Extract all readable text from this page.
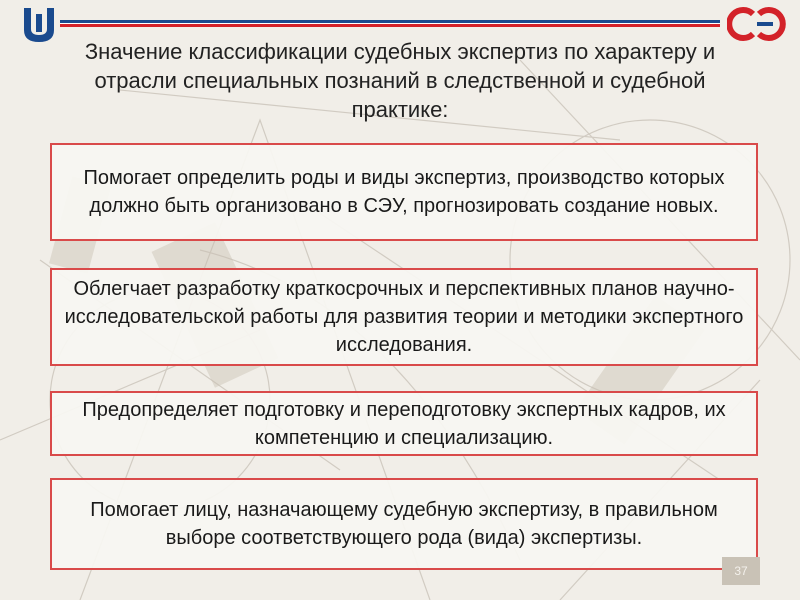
Значение классификации судебных экспертиз по характеру и отрасли специальных познаний в следственной и судебной практике:
Помогает определить роды и виды экспертиз, производство которых должно быть организовано в СЭУ, прогнозировать создание новых.
Облегчает разработку краткосрочных и перспективных планов научно-исследовательской работы для развития теории и методики экспертного исследования.
Предопределяет подготовку и переподготовку экспертных кадров, их компетенцию и специализацию.
Помогает лицу, назначающему судебную экспертизу, в правильном выборе соответствующего рода (вида) экспертизы.
37
